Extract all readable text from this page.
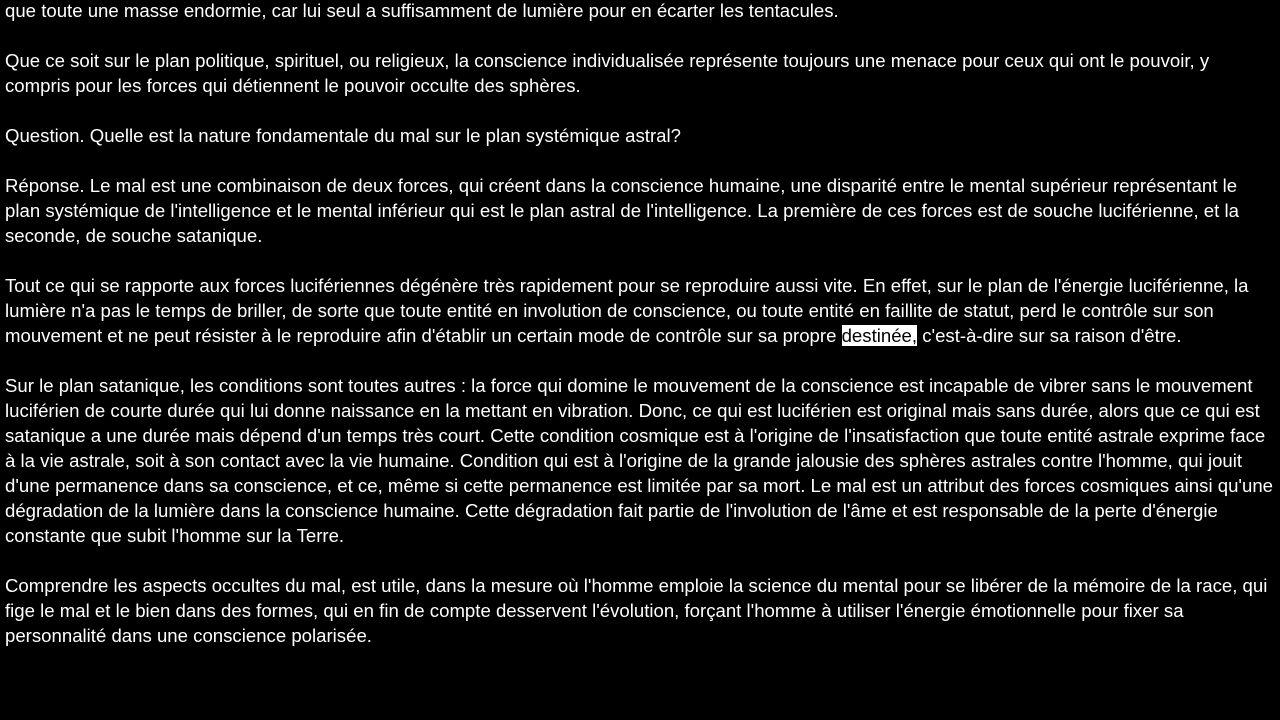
que toute une masse endormie, car lui seul a suffisamment de lumière pour en écarter les tentacules.

Que ce soit sur le plan politique, spirituel, ou religieux, la conscience individualisée représente toujours une menace pour ceux qui ont le pouvoir, y compris pour les forces qui détiennent le pouvoir occulte des sphères.

Question. Quelle est la nature fondamentale du mal sur le plan systémique astral?

Réponse. Le mal est une combinaison de deux forces, qui créent dans la conscience humaine, une disparité entre le mental supérieur représentant le plan systémique de l'intelligence et le mental inférieur qui est le plan astral de l'intelligence. La première de ces forces est de souche luciférienne, et la seconde, de souche satanique.

Tout ce qui se rapporte aux forces lucifériennes dégénère très rapidement pour se reproduire aussi vite. En effet, sur le plan de l'énergie luciférienne, la lumière n'a pas le temps de briller, de sorte que toute entité en involution de conscience, ou toute entité en faillite de statut, perd le contrôle sur son mouvement et ne peut résister à le reproduire afin d'établir un certain mode de contrôle sur sa propre destinée, c'est-à-dire sur sa raison d'être.

Sur le plan satanique, les conditions sont toutes autres : la force qui domine le mouvement de la conscience est incapable de vibrer sans le mouvement luciférien de courte durée qui lui donne naissance en la mettant en vibration. Donc, ce qui est luciférien est original mais sans durée, alors que ce qui est satanique a une durée mais dépend d'un temps très court. Cette condition cosmique est à l'origine de l'insatisfaction que toute entité astrale exprime face à la vie astrale, soit à son contact avec la vie humaine. Condition qui est à l'origine de la grande jalousie des sphères astrales contre l'homme, qui jouit d'une permanence dans sa conscience, et ce, même si cette permanence est limitée par sa mort. Le mal est un attribut des forces cosmiques ainsi qu'une dégradation de la lumière dans la conscience humaine. Cette dégradation fait partie de l'involution de l'âme et est responsable de la perte d'énergie constante que subit l'homme sur la Terre.

Comprendre les aspects occultes du mal, est utile, dans la mesure où l'homme emploie la science du mental pour se libérer de la mémoire de la race, qui fige le mal et le bien dans des formes, qui en fin de compte desservent l'évolution, forçant l'homme à utiliser l'énergie émotionnelle pour fixer sa personnalité dans une conscience polarisée.
